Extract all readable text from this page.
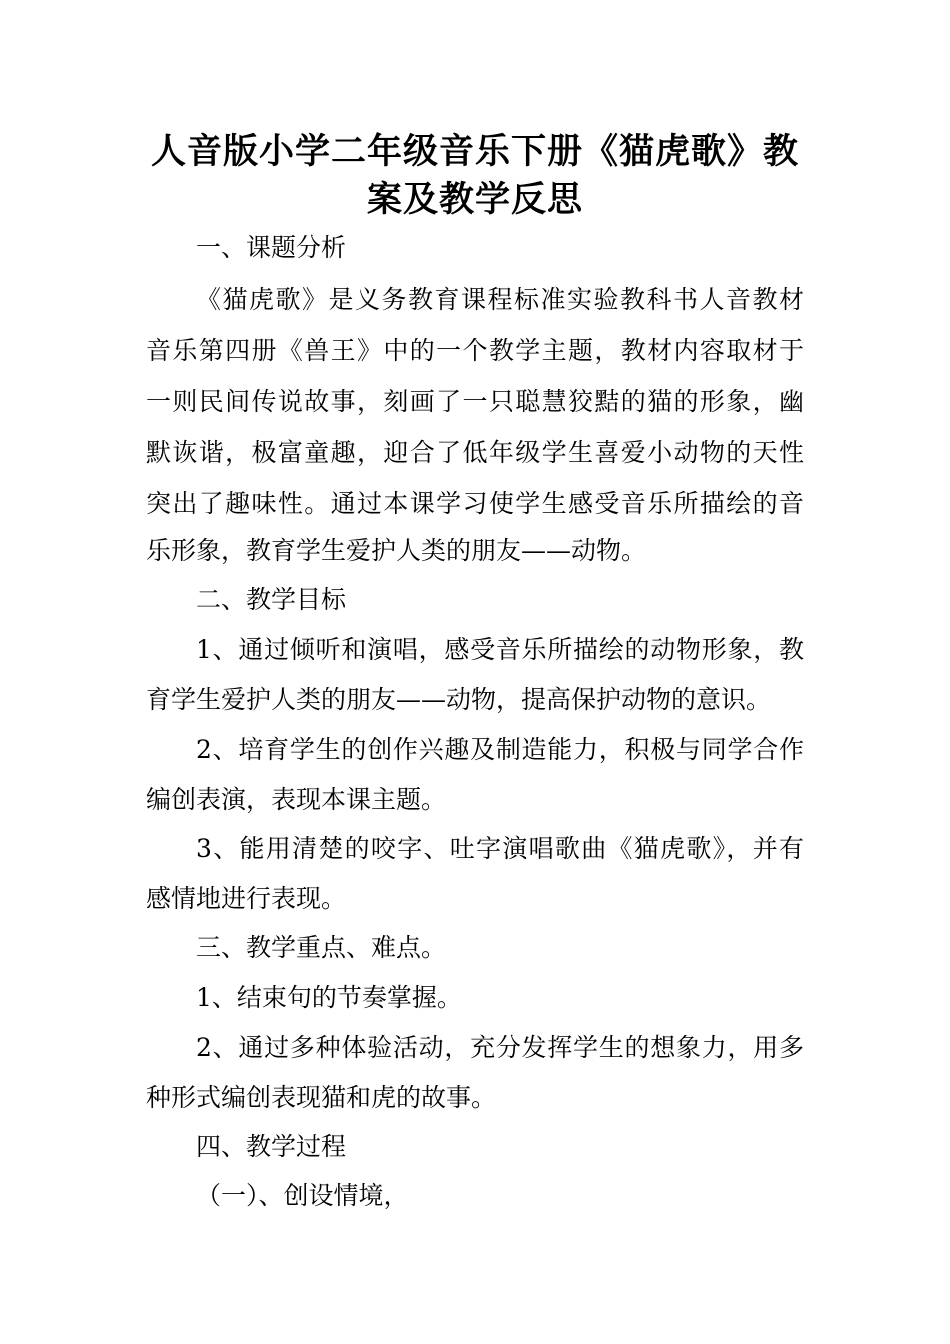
人音版小学二年级音乐下册《猫虎歌》教
案及教学反思

一、课题分析

《猫虎歌》是义务教育课程标准实验教科书人音教材

音乐第四册《兽王》中的一个教学主题，教材内容取材于

一则民间传说故事，刻画了一只聪慧狡黠的猫的形象，幽

默诙谐，极富童趣，迎合了低年级学生喜爱小动物的天性

突出了趣味性。通过本课学习使学生感受音乐所描绘的音

乐形象，教育学生爱护人类的朋友——动物。

二、教学目标

1、通过倾听和演唱，感受音乐所描绘的动物形象，教

育学生爱护人类的朋友——动物，提高保护动物的意识。

2、培育学生的创作兴趣及制造能力，积极与同学合作

编创表演，表现本课主题。

3、能用清楚的咬字、吐字演唱歌曲《猫虎歌》，并有

感情地进行表现。

三、教学重点、难点。

1、结束句的节奏掌握。

2、通过多种体验活动，充分发挥学生的想象力，用多

种形式编创表现猫和虎的故事。

四、教学过程

（一）、创设情境，
